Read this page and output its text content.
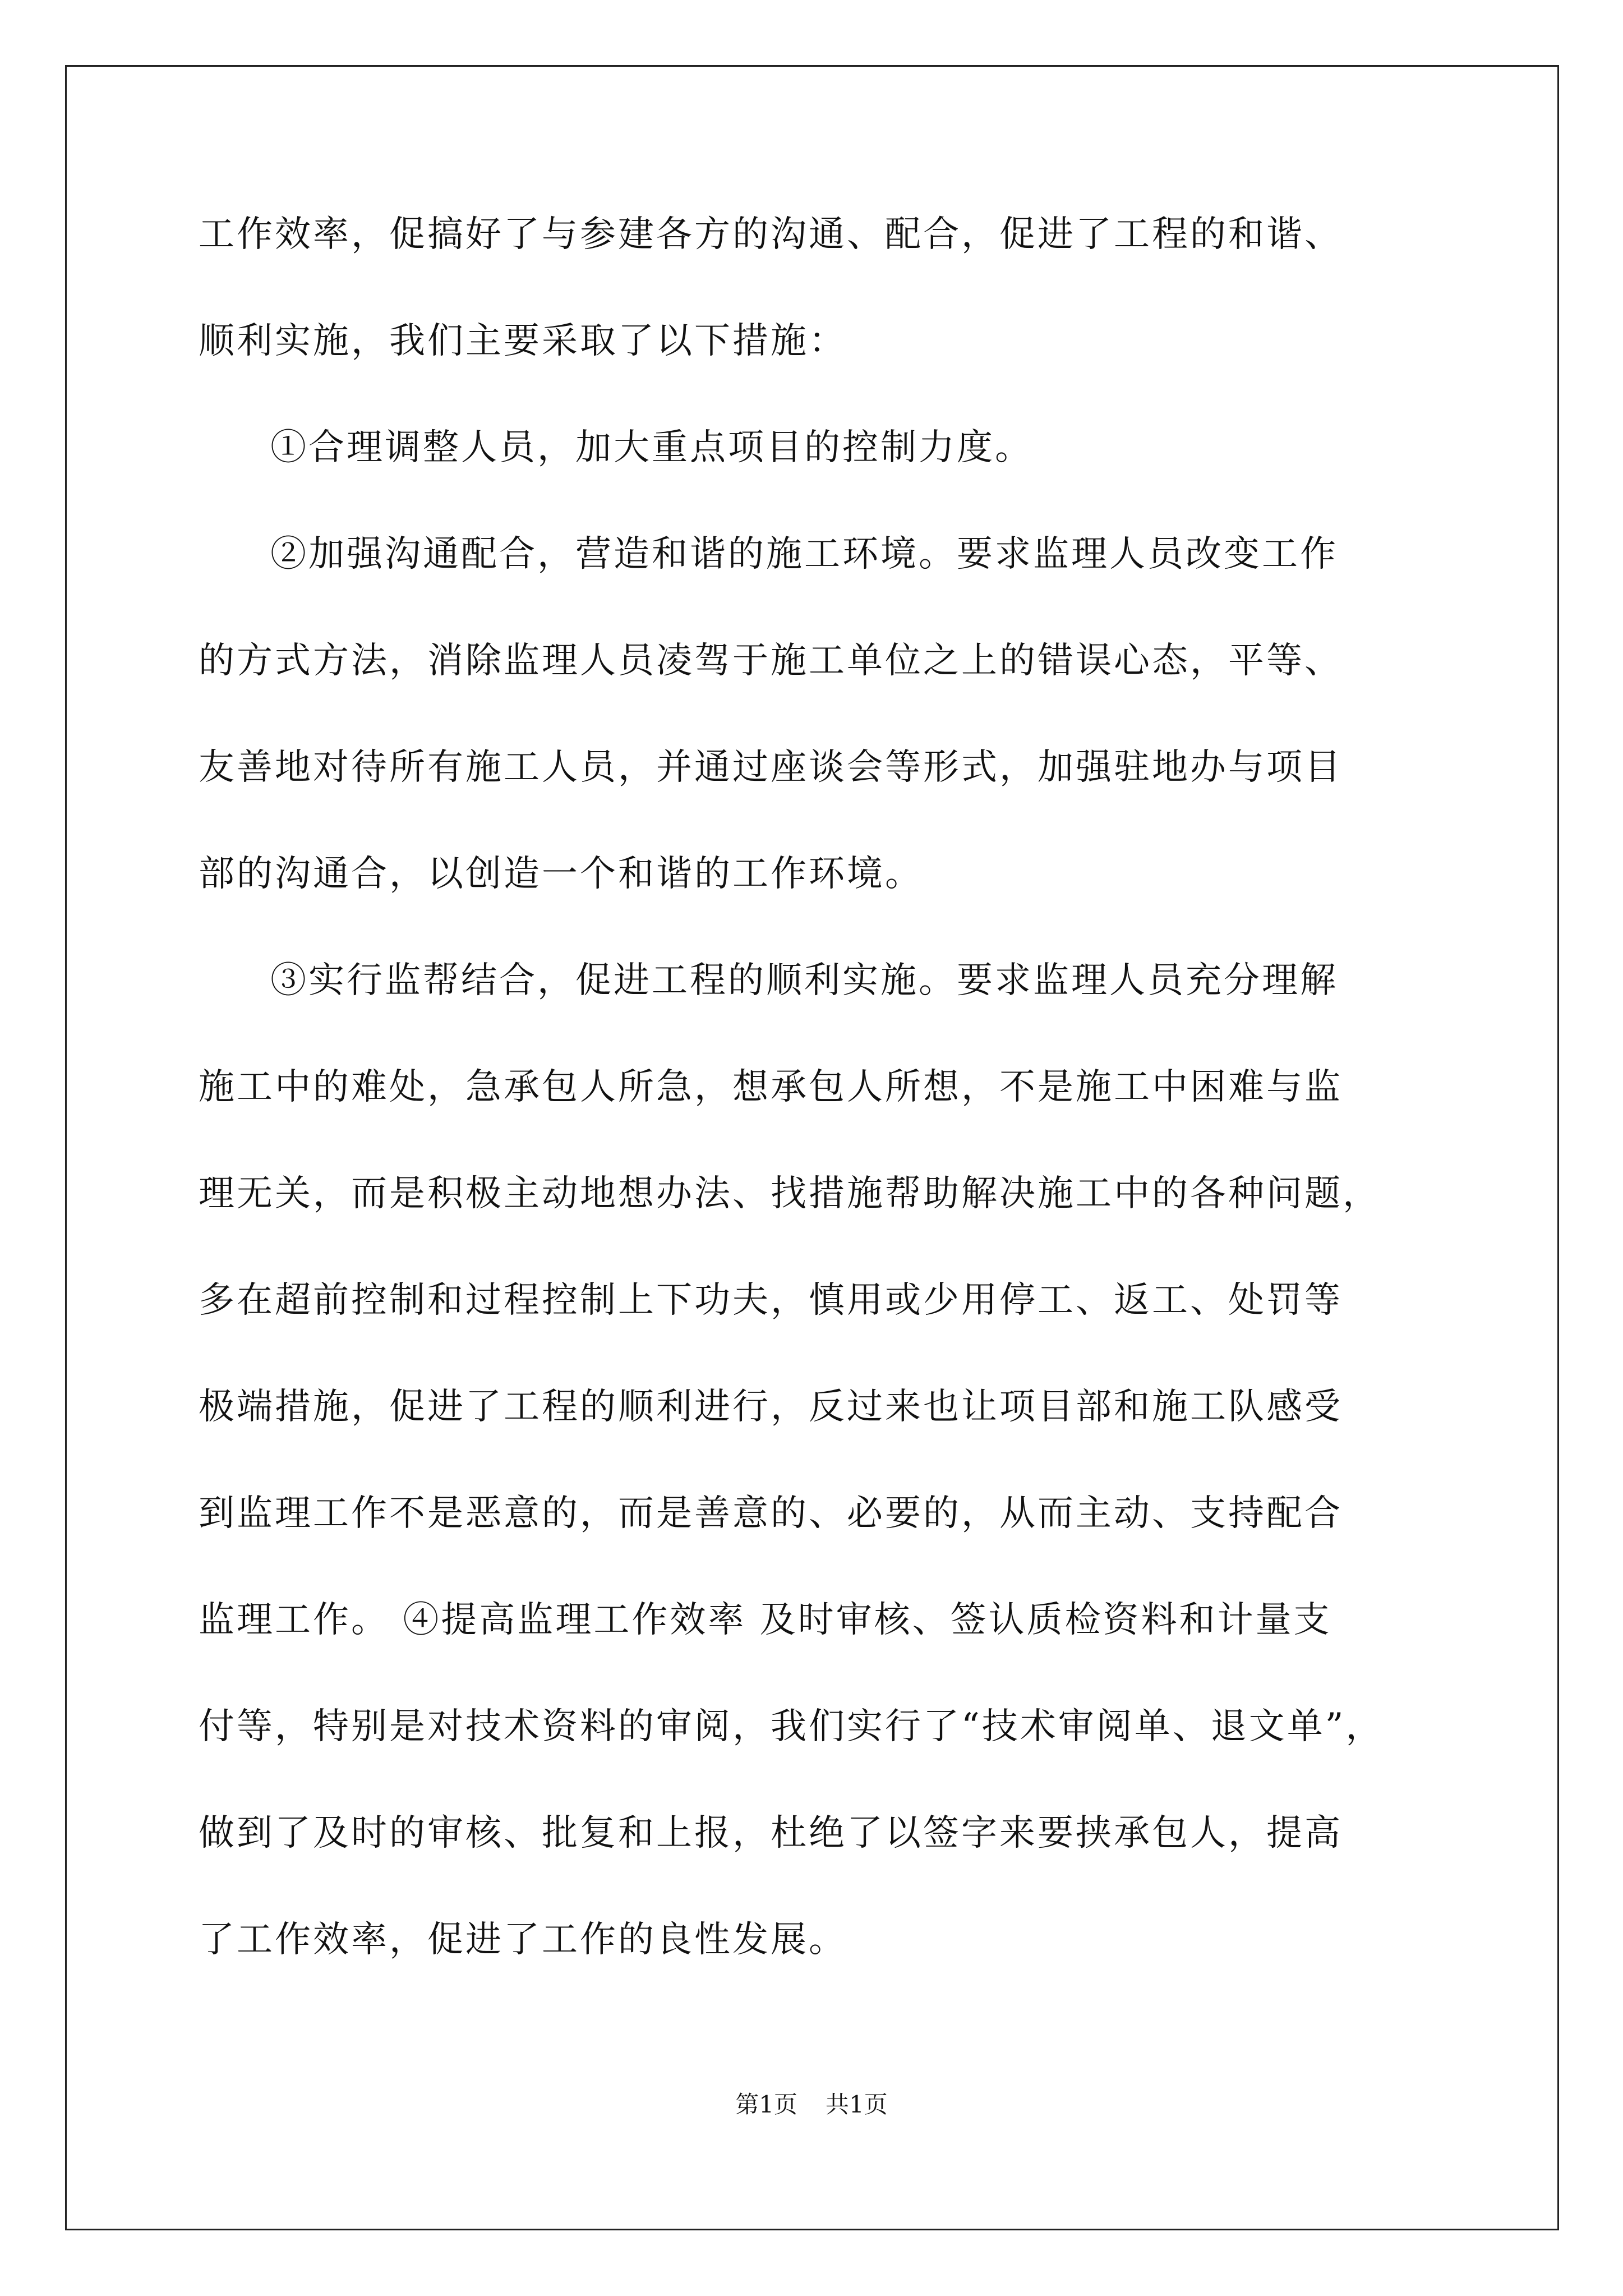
工作效率，促搞好了与参建各方的沟通、配合，促进了工程的和谐、
顺利实施，我们主要采取了以下措施：
①合理调整人员，加大重点项目的控制力度。
②加强沟通配合，营造和谐的施工环境。要求监理人员改变工作
的方式方法，消除监理人员凌驾于施工单位之上的错误心态，平等、
友善地对待所有施工人员，并通过座谈会等形式，加强驻地办与项目
部的沟通合，以创造一个和谐的工作环境。
③实行监帮结合，促进工程的顺利实施。要求监理人员充分理解
施工中的难处，急承包人所急，想承包人所想，不是施工中困难与监
理无关，而是积极主动地想办法、找措施帮助解决施工中的各种问题，
多在超前控制和过程控制上下功夫，慎用或少用停工、返工、处罚等
极端措施，促进了工程的顺利进行，反过来也让项目部和施工队感受
到监理工作不是恶意的，而是善意的、必要的，从而主动、支持配合
监理工作。 ④提高监理工作效率 及时审核、签认质检资料和计量支
付等，特别是对技术资料的审阅，我们实行了“技术审阅单、退文单”，
做到了及时的审核、批复和上报，杜绝了以签字来要挟承包人，提高
了工作效率，促进了工作的良性发展。
第1页 共1页
